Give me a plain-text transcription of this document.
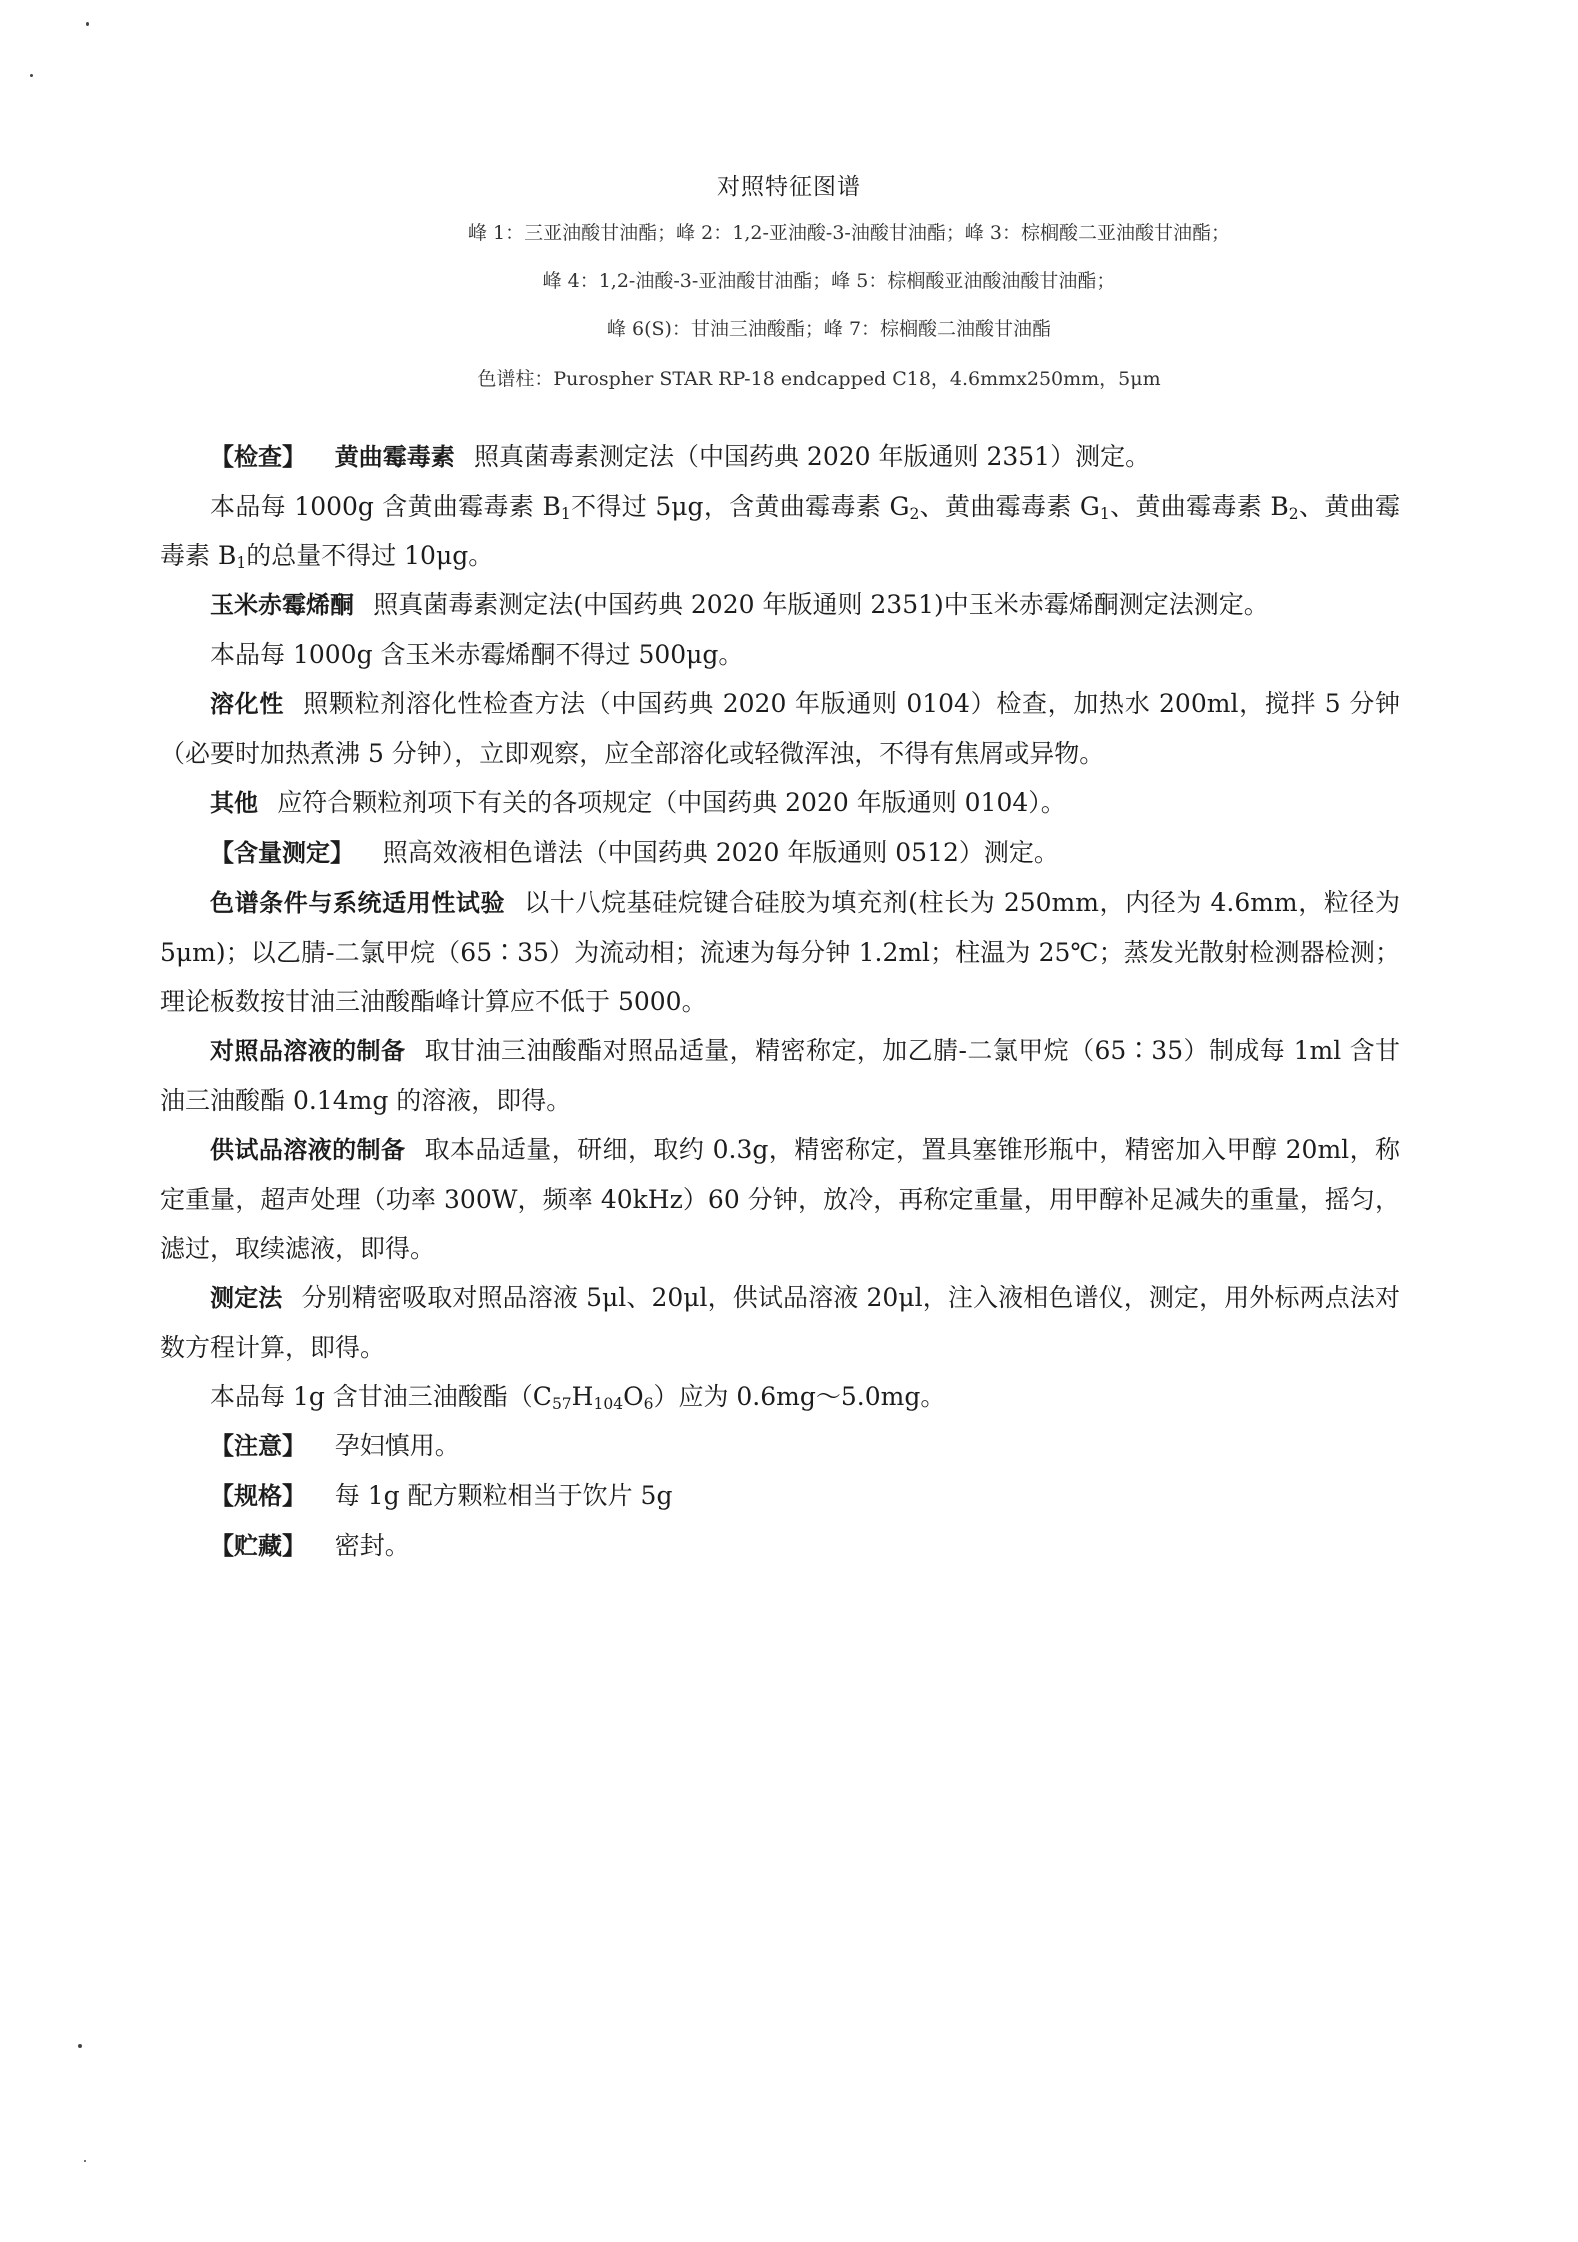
对照特征图谱
峰 1：三亚油酸甘油酯；峰 2：1,2-亚油酸-3-油酸甘油酯；峰 3：棕榈酸二亚油酸甘油酯；
峰 4：1,2-油酸-3-亚油酸甘油酯；峰 5：棕榈酸亚油酸油酸甘油酯；
峰 6(S)：甘油三油酸酯；峰 7：棕榈酸二油酸甘油酯
色谱柱：Purospher STAR RP-18 endcapped C18，4.6mmx250mm，5μm

【检查】 黄曲霉毒素 照真菌毒素测定法（中国药典 2020 年版通则 2351）测定。

本品每 1000g 含黄曲霉毒素 $B_1$不得过 5μg，含黄曲霉毒素 $G_2$、黄曲霉毒素 $G_1$、黄曲霉毒素 $B_2$、黄曲霉毒素 $B_1$的总量不得过 10μg。

玉米赤霉烯酮 照真菌毒素测定法(中国药典 2020 年版通则 2351)中玉米赤霉烯酮测定法测定。

本品每 1000g 含玉米赤霉烯酮不得过 500μg。

溶化性 照颗粒剂溶化性检查方法（中国药典 2020 年版通则 0104）检查，加热水 200ml，搅拌 5 分钟（必要时加热煮沸 5 分钟），立即观察，应全部溶化或轻微浑浊，不得有焦屑或异物。

其他 应符合颗粒剂项下有关的各项规定（中国药典 2020 年版通则 0104）。

【含量测定】 照高效液相色谱法（中国药典 2020 年版通则 0512）测定。

色谱条件与系统适用性试验 以十八烷基硅烷键合硅胶为填充剂(柱长为 250mm，内径为 4.6mm，粒径为 5μm)；以乙腈-二氯甲烷（65∶35）为流动相；流速为每分钟 1.2ml；柱温为 25℃；蒸发光散射检测器检测；理论板数按甘油三油酸酯峰计算应不低于 5000。

对照品溶液的制备 取甘油三油酸酯对照品适量，精密称定，加乙腈-二氯甲烷（65∶35）制成每 1ml 含甘油三油酸酯 0.14mg 的溶液，即得。

供试品溶液的制备 取本品适量，研细，取约 0.3g，精密称定，置具塞锥形瓶中，精密加入甲醇 20ml，称定重量，超声处理（功率 300W，频率 40kHz）60 分钟，放冷，再称定重量，用甲醇补足减失的重量，摇匀，滤过，取续滤液，即得。

测定法 分别精密吸取对照品溶液 5μl、20μl，供试品溶液 20μl，注入液相色谱仪，测定，用外标两点法对数方程计算，即得。

本品每 1g 含甘油三油酸酯$(C_{57}H_{104}O_6)$应为 0.6mg～5.0mg。

【注意】 孕妇慎用。

【规格】 每 1g 配方颗粒相当于饮片 5g

【贮藏】 密封。
